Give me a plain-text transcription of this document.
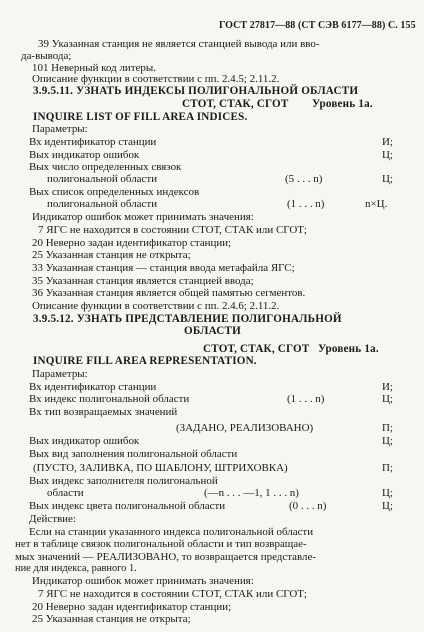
ГОСТ 27817—88 (СТ СЭВ 6177—88) С. 155
39 Указанная станция не является станцией вывода или вво-
да-вывода;
101 Неверный код литеры.
Описание функции в соответствии с пп. 2.4.5; 2.11.2.
3.9.5.11. УЗНАТЬ ИНДЕКСЫ ПОЛИГОНАЛЬНОЙ ОБЛАСТИ
СТОТ, СТАК, СГОТ Уровень 1а.
INQUIRE LIST OF FILL AREA INDICES.
Параметры:
Вх идентификатор станции	И;
Вых индикатор ошибок	Ц;
Вых число определенных связок
полигональной области	(5 . . . n)	Ц;
Вых список определенных индексов
полигональной области	(1 . . . n)	n×Ц.
Индикатор ошибок может принимать значения:
7 ЯГС не находится в состоянии СТОТ, СТАК или СГОТ;
20 Неверно задан идентификатор станции;
25 Указанная станция не открыта;
33 Указанная станция — станция ввода метафайла ЯГС;
35 Указанная станция является станцией ввода;
36 Указанная станция является общей памятью сегментов.
Описание функции в соответствии с пп. 2.4.6; 2.11.2.
3.9.5.12. УЗНАТЬ ПРЕДСТАВЛЕНИЕ ПОЛИГОНАЛЬНОЙ
ОБЛАСТИ
СТОТ, СТАК, СГОТ Уровень 1а.
INQUIRE FILL AREA REPRESENTATION.
Параметры:
Вх идентификатор станции	И;
Вх индекс полигональной области	(1 . . . n)	Ц;
Вх тип возвращаемых значений
(ЗАДАНО, РЕАЛИЗОВАНО)	П;
Вых индикатор ошибок	Ц;
Вых вид заполнения полигональной области
(ПУСТО, ЗАЛИВКА, ПО ШАБЛОНУ, ШТРИХОВКА)	П;
Вых индекс заполнителя полигональной
области	(—n . . . —1, 1 . . . n)	Ц;
Вых индекс цвета полигональной области	(0 . . . n)	Ц;
Действие:
Если на станции указанного индекса полигональной области
нет в таблице связок полигональной области и тип возвращае-
мых значений — РЕАЛИЗОВАНО, то возвращается представле-
ние для индекса, равного 1.
Индикатор ошибок может принимать значения:
7 ЯГС не находится в состоянии СТОТ, СТАК или СГОТ;
20 Неверно задан идентификатор станции;
25 Указанная станция не открыта;
